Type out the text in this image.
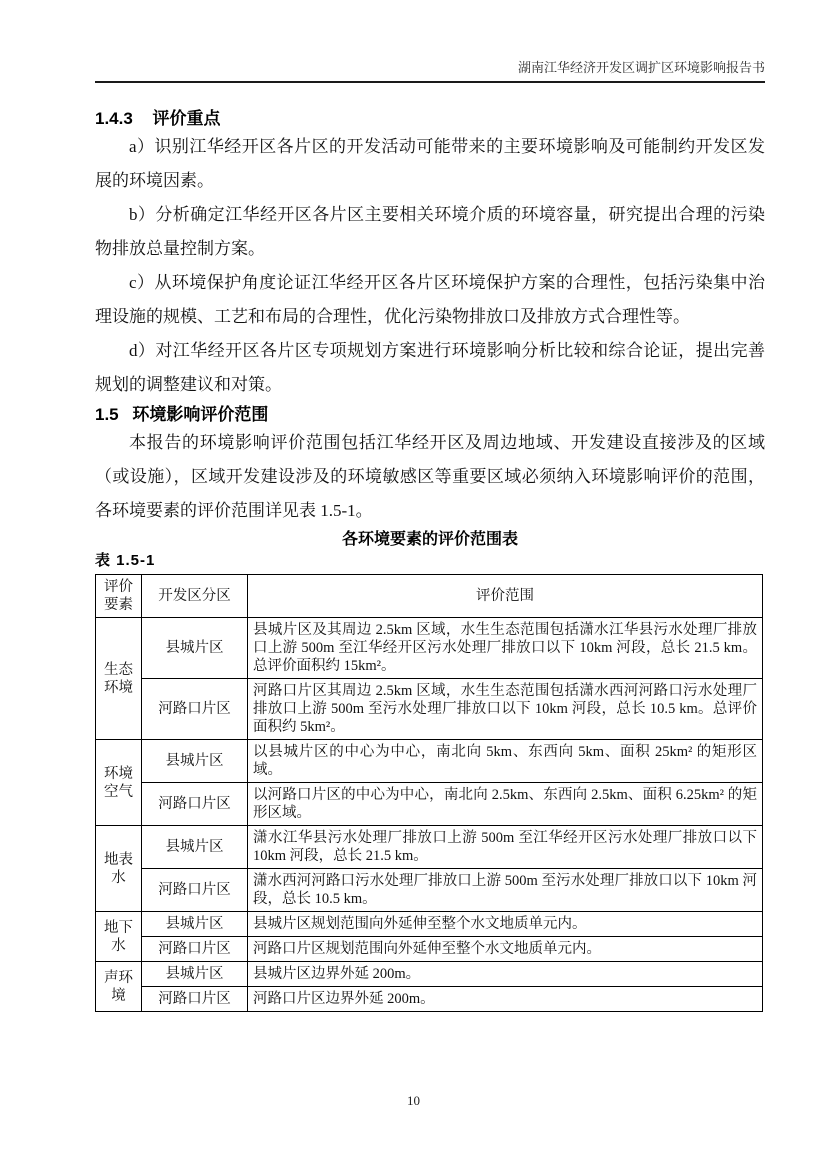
湖南江华经济开发区调扩区环境影响报告书
1.4.3 评价重点

a）识别江华经开区各片区的开发活动可能带来的主要环境影响及可能制约开发区发展的环境因素。

b）分析确定江华经开区各片区主要相关环境介质的环境容量，研究提出合理的污染物排放总量控制方案。

c）从环境保护角度论证江华经开区各片区环境保护方案的合理性，包括污染集中治理设施的规模、工艺和布局的合理性，优化污染物排放口及排放方式合理性等。

d）对江华经开区各片区专项规划方案进行环境影响分析比较和综合论证，提出完善规划的调整建议和对策。

1.5 环境影响评价范围

本报告的环境影响评价范围包括江华经开区及周边地域、开发建设直接涉及的区域（或设施），区域开发建设涉及的环境敏感区等重要区域必须纳入环境影响评价的范围，各环境要素的评价范围详见表 1.5-1。

各环境要素的评价范围表

表 1.5-1

评价要素	开发区分区	评价范围
生态环境	县城片区	县城片区及其周边 2.5km 区域，水生生态范围包括潇水江华县污水处理厂排放口上游 500m 至江华经开区污水处理厂排放口以下 10km 河段，总长 21.5 km。总评价面积约 15km²。
	河路口片区	河路口片区其周边 2.5km 区域，水生生态范围包括潇水西河河路口污水处理厂排放口上游 500m 至污水处理厂排放口以下 10km 河段，总长 10.5 km。总评价面积约 5km²。
环境空气	县城片区	以县城片区的中心为中心，南北向 5km、东西向 5km、面积 25km² 的矩形区域。
	河路口片区	以河路口片区的中心为中心，南北向 2.5km、东西向 2.5km、面积 6.25km² 的矩形区域。
地表水	县城片区	潇水江华县污水处理厂排放口上游 500m 至江华经开区污水处理厂排放口以下 10km 河段，总长 21.5 km。
	河路口片区	潇水西河河路口污水处理厂排放口上游 500m 至污水处理厂排放口以下 10km 河段，总长 10.5 km。
地下水	县城片区	县城片区规划范围向外延伸至整个水文地质单元内。
	河路口片区	河路口片区规划范围向外延伸至整个水文地质单元内。
声环境	县城片区	县城片区边界外延 200m。
	河路口片区	河路口片区边界外延 200m。
10
